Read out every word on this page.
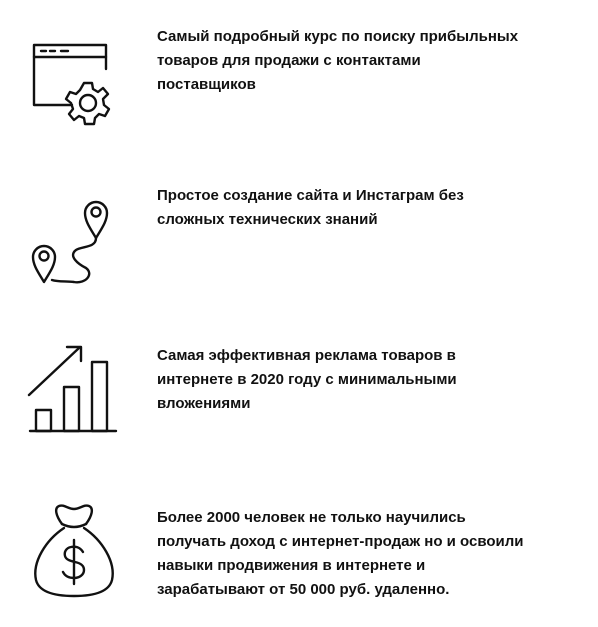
Самый подробный курс по поиску прибыльных
товаров для продажи с контактами
поставщиков

Простое создание сайта и Инстаграм без
сложных технических знаний

Самая эффективная реклама товаров в
интернете в 2020 году с минимальными
вложениями

Более 2000 человек не только научились
получать доход с интернет-продаж но и освоили
навыки продвижения в интернете и
зарабатывают от 50 000 руб. удаленно.
